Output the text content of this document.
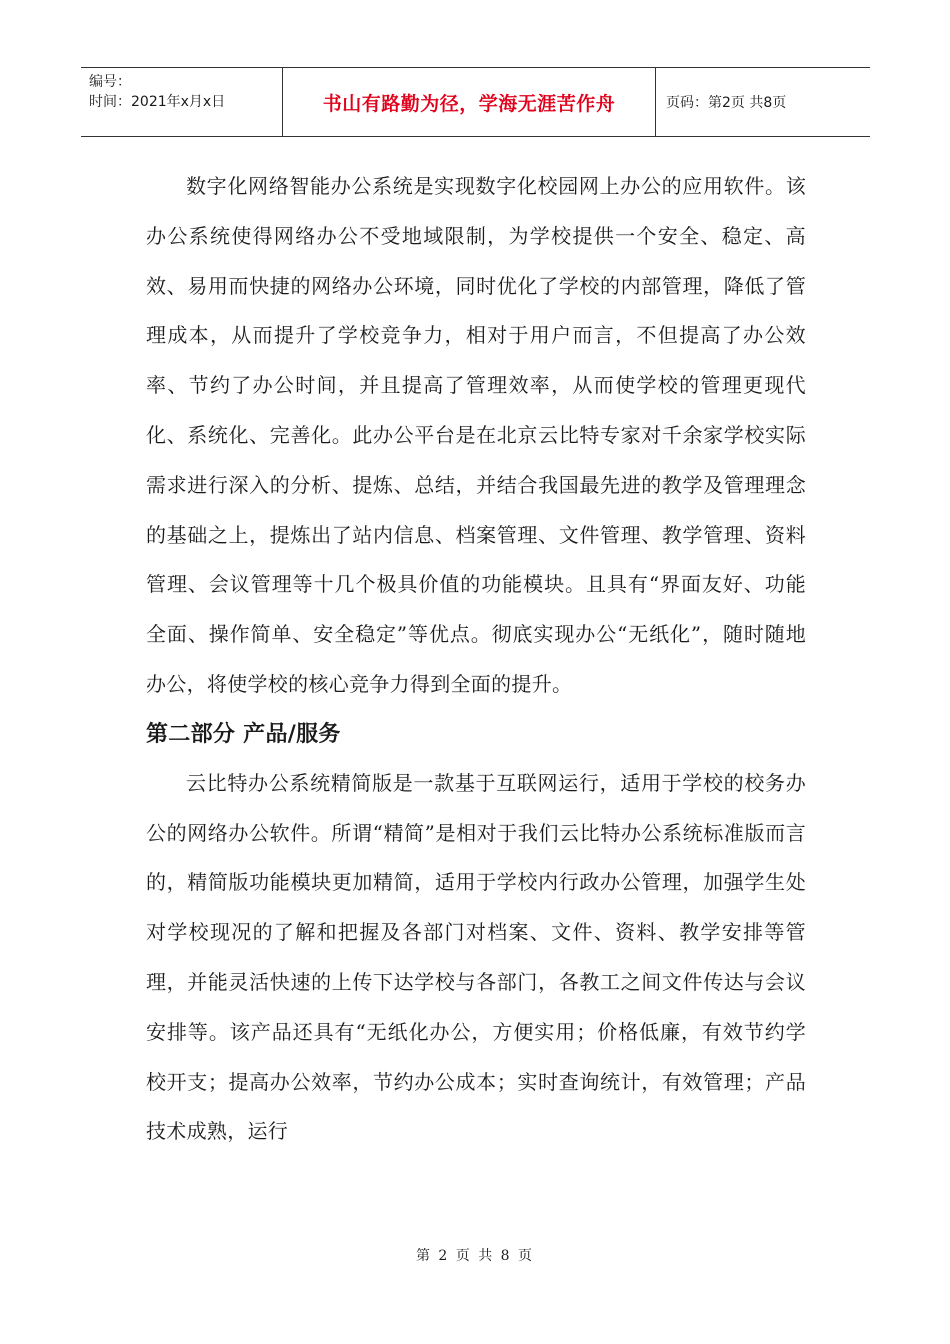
编号：
时间：2021年x月x日	书山有路勤为径，学海无涯苦作舟	页码：第2页 共8页

数字化网络智能办公系统是实现数字化校园网上办公的应用软件。该办公系统使得网络办公不受地域限制，为学校提供一个安全、稳定、高效、易用而快捷的网络办公环境，同时优化了学校的内部管理，降低了管理成本，从而提升了学校竞争力，相对于用户而言，不但提高了办公效率、节约了办公时间，并且提高了管理效率，从而使学校的管理更现代化、系统化、完善化。此办公平台是在北京云比特专家对千余家学校实际需求进行深入的分析、提炼、总结，并结合我国最先进的教学及管理理念的基础之上，提炼出了站内信息、档案管理、文件管理、教学管理、资料管理、会议管理等十几个极具价值的功能模块。且具有“界面友好、功能全面、操作简单、安全稳定”等优点。彻底实现办公“无纸化”，随时随地办公，将使学校的核心竞争力得到全面的提升。

第二部分 产品/服务

云比特办公系统精简版是一款基于互联网运行，适用于学校的校务办公的网络办公软件。所谓“精简”是相对于我们云比特办公系统标准版而言的，精简版功能模块更加精简，适用于学校内行政办公管理，加强学生处对学校现况的了解和把握及各部门对档案、文件、资料、教学安排等管理，并能灵活快速的上传下达学校与各部门，各教工之间文件传达与会议安排等。该产品还具有“无纸化办公，方便实用；价格低廉，有效节约学校开支；提高办公效率，节约办公成本；实时查询统计，有效管理；产品技术成熟，运行

第 2 页 共 8 页
